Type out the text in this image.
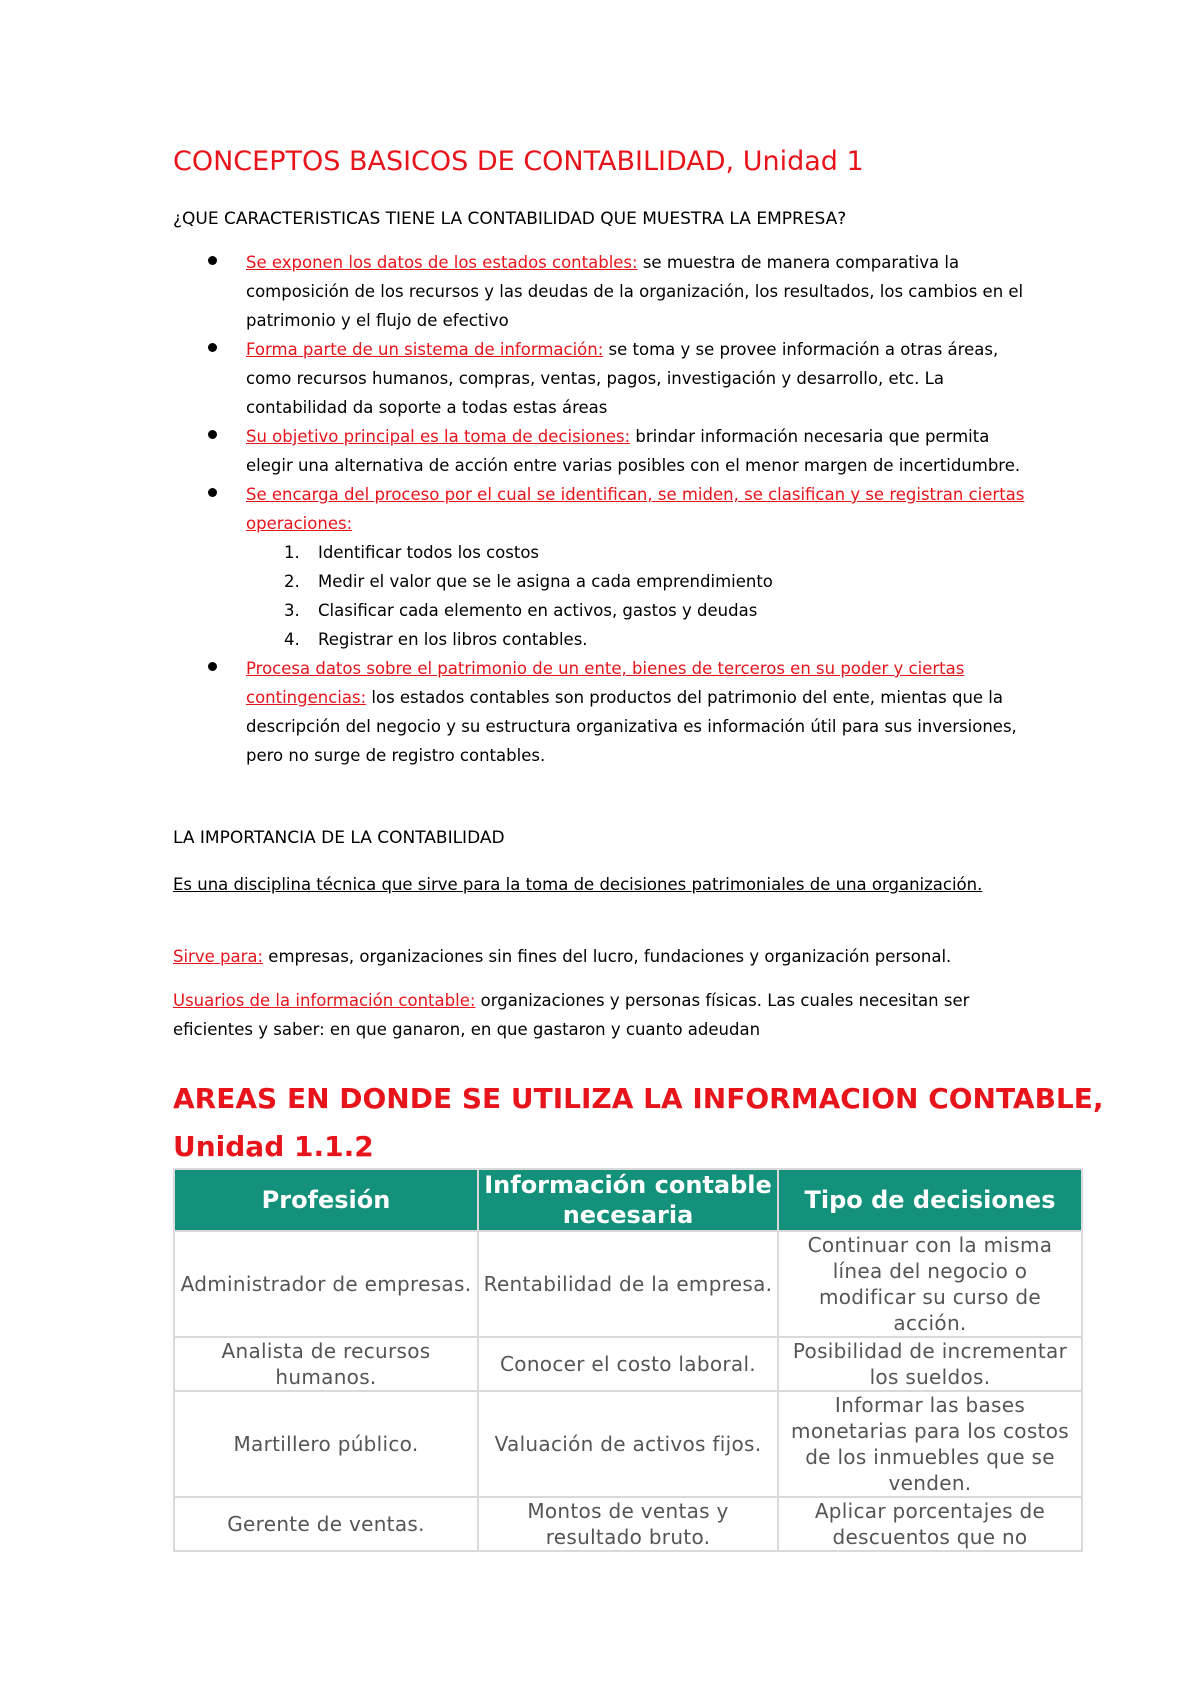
CONCEPTOS BASICOS DE CONTABILIDAD, Unidad 1
¿QUE CARACTERISTICAS TIENE LA CONTABILIDAD QUE MUESTRA LA EMPRESA?
Se exponen los datos de los estados contables: se muestra de manera comparativa la composición de los recursos y las deudas de la organización, los resultados, los cambios en el patrimonio y el flujo de efectivo
Forma parte de un sistema de información: se toma y se provee información a otras áreas, como recursos humanos, compras, ventas, pagos, investigación y desarrollo, etc. La contabilidad da soporte a todas estas áreas
Su objetivo principal es la toma de decisiones: brindar información necesaria que permita elegir una alternativa de acción entre varias posibles con el menor margen de incertidumbre.
Se encarga del proceso por el cual se identifican, se miden, se clasifican y se registran ciertas operaciones:
1. Identificar todos los costos
2. Medir el valor que se le asigna a cada emprendimiento
3. Clasificar cada elemento en activos, gastos y deudas
4. Registrar en los libros contables.
Procesa datos sobre el patrimonio de un ente, bienes de terceros en su poder y ciertas contingencias: los estados contables son productos del patrimonio del ente, mientas que la descripción del negocio y su estructura organizativa es información útil para sus inversiones, pero no surge de registro contables.
LA IMPORTANCIA DE LA CONTABILIDAD

Es una disciplina técnica que sirve para la toma de decisiones patrimoniales de una organización.

Sirve para: empresas, organizaciones sin fines del lucro, fundaciones y organización personal.

Usuarios de la información contable: organizaciones y personas físicas. Las cuales necesitan ser eficientes y saber: en que ganaron, en que gastaron y cuanto adeudan

AREAS EN DONDE SE UTILIZA LA INFORMACION CONTABLE, Unidad 1.1.2
Profesión	Información contable necesaria	Tipo de decisiones
Administrador de empresas.	Rentabilidad de la empresa.	Continuar con la misma línea del negocio o modificar su curso de acción.
Analista de recursos humanos.	Conocer el costo laboral.	Posibilidad de incrementar los sueldos.
Martillero público.	Valuación de activos fijos.	Informar las bases monetarias para los costos de los inmuebles que se venden.
Gerente de ventas.	Montos de ventas y resultado bruto.	Aplicar porcentajes de descuentos que no
